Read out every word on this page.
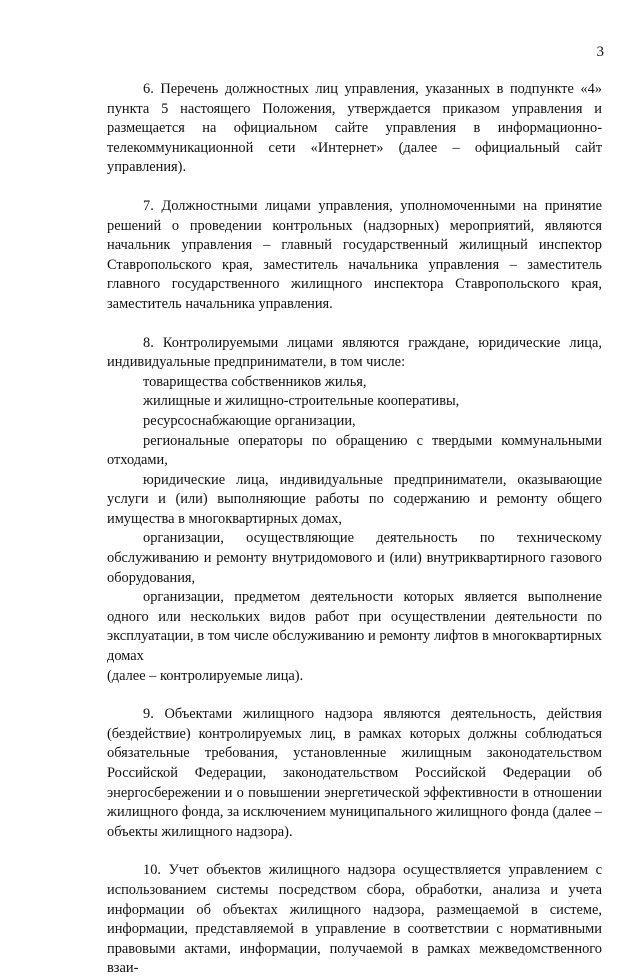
3

6. Перечень должностных лиц управления, указанных в подпункте «4» пункта 5 настоящего Положения, утверждается приказом управления и размещается на официальном сайте управления в информационно-телекоммуникационной сети «Интернет» (далее – официальный сайт управления).

7. Должностными лицами управления, уполномоченными на принятие решений о проведении контрольных (надзорных) мероприятий, являются начальник управления – главный государственный жилищный инспектор Ставропольского края, заместитель начальника управления – заместитель главного государственного жилищного инспектора Ставропольского края, заместитель начальника управления.

8. Контролируемыми лицами являются граждане, юридические лица, индивидуальные предприниматели, в том числе:

товарищества собственников жилья,

жилищные и жилищно-строительные кооперативы,

ресурсоснабжающие организации,

региональные операторы по обращению с твердыми коммунальными отходами,

юридические лица, индивидуальные предприниматели, оказывающие услуги и (или) выполняющие работы по содержанию и ремонту общего имущества в многоквартирных домах,

организации, осуществляющие деятельность по техническому обслуживанию и ремонту внутридомового и (или) внутриквартирного газового оборудования,

организации, предметом деятельности которых является выполнение одного или нескольких видов работ при осуществлении деятельности по эксплуатации, в том числе обслуживанию и ремонту лифтов в многоквартирных домах

(далее – контролируемые лица).

9. Объектами жилищного надзора являются деятельность, действия (бездействие) контролируемых лиц, в рамках которых должны соблюдаться обязательные требования, установленные жилищным законодательством Российской Федерации, законодательством Российской Федерации об энергосбережении и о повышении энергетической эффективности в отношении жилищного фонда, за исключением муниципального жилищного фонда (далее – объекты жилищного надзора).

10. Учет объектов жилищного надзора осуществляется управлением с использованием системы посредством сбора, обработки, анализа и учета информации об объектах жилищного надзора, размещаемой в системе, информации, представляемой в управление в соответствии с нормативными правовыми актами, информации, получаемой в рамках межведомственного взаи-
